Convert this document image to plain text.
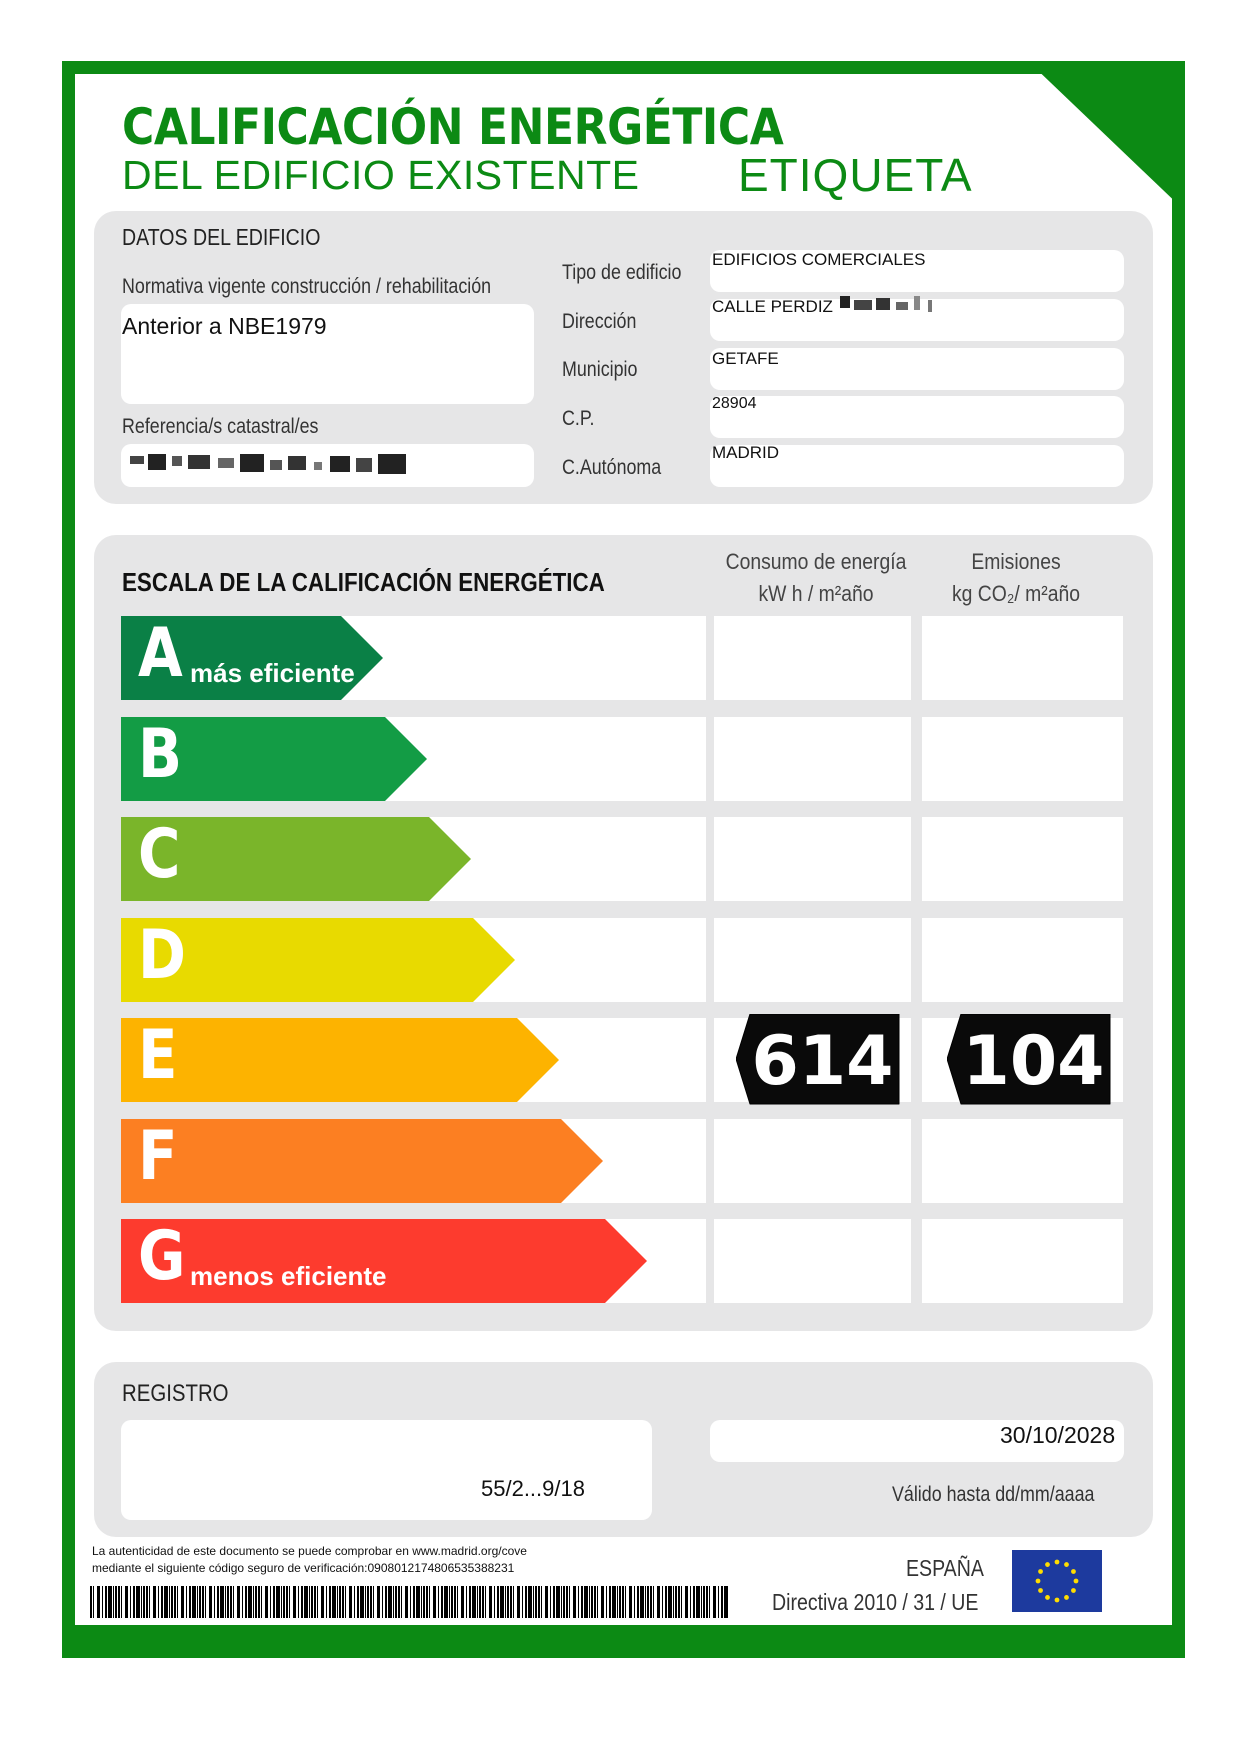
CALIFICACIÓN ENERGÉTICA
DEL EDIFICIO EXISTENTE ETIQUETA
DATOS DEL EDIFICIO
Normativa vigente construcción / rehabilitación
Anterior a NBE1979
Referencia/s catastral/es
Tipo de edificio
Dirección
Municipio
C.P.
C.Autónoma
EDIFICIOS COMERCIALES
CALLE PERDIZ
GETAFE
28904
MADRID
ESCALA DE LA CALIFICACIÓN ENERGÉTICA
Consumo de energía
kW h / m²año
Emisiones
kg CO₂/ m²año
A más eficiente
B
C
D
E	614 104
F
G menos eficiente
REGISTRO
55/2...9/18
30/10/2028
Válido hasta dd/mm/aaaa
La autenticidad de este documento se puede comprobar en www.madrid.org/cove
mediante el siguiente código seguro de verificación:0908012174806535388231	ESPAÑA
Directiva 2010 / 31 / UE
